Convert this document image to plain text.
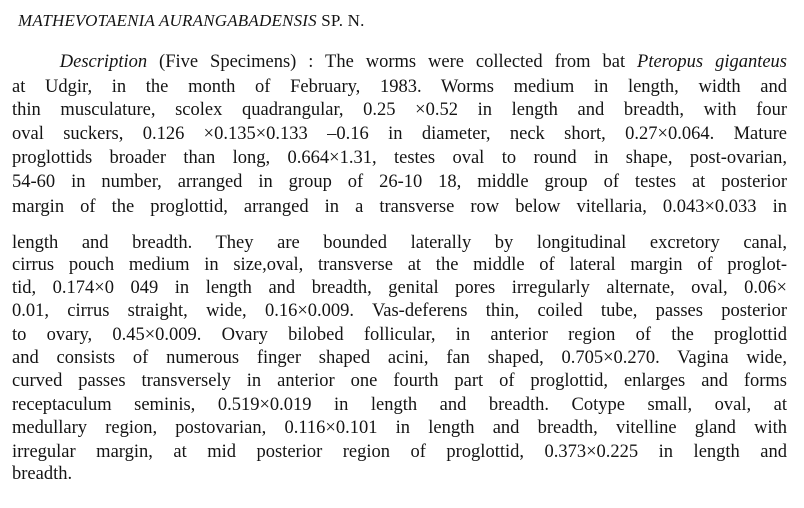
MATHEVOTAENIA AURANGABADENSIS SP. N.
Description (Five Specimens) : The worms were collected from bat Pteropus giganteus
at Udgir, in the month of February, 1983. Worms medium in length, width and
thin musculature, scolex quadrangular, 0.25 ×0.52 in length and breadth, with four
oval suckers, 0.126 ×0.135×0.133 –0.16 in diameter, neck short, 0.27×0.064. Mature
proglottids broader than long, 0.664×1.31, testes oval to round in shape, post-ovarian,
54-60 in number, arranged in group of 26-10 18, middle group of testes at posterior
margin of the proglottid, arranged in a transverse row below vitellaria, 0.043×0.033 in
length and breadth. They are bounded laterally by longitudinal excretory canal,
cirrus pouch medium in size,oval, transverse at the middle of lateral margin of proglot-
tid, 0.174×0 049 in length and breadth, genital pores irregularly alternate, oval, 0.06×
0.01, cirrus straight, wide, 0.16×0.009. Vas-deferens thin, coiled tube, passes posterior
to ovary, 0.45×0.009. Ovary bilobed follicular, in anterior region of the proglottid
and consists of numerous finger shaped acini, fan shaped, 0.705×0.270. Vagina wide,
curved passes transversely in anterior one fourth part of proglottid, enlarges and forms
receptaculum seminis, 0.519×0.019 in length and breadth. Cotype small, oval, at
medullary region, postovarian, 0.116×0.101 in length and breadth, vitelline gland with
irregular margin, at mid posterior region of proglottid, 0.373×0.225 in length and
breadth.
